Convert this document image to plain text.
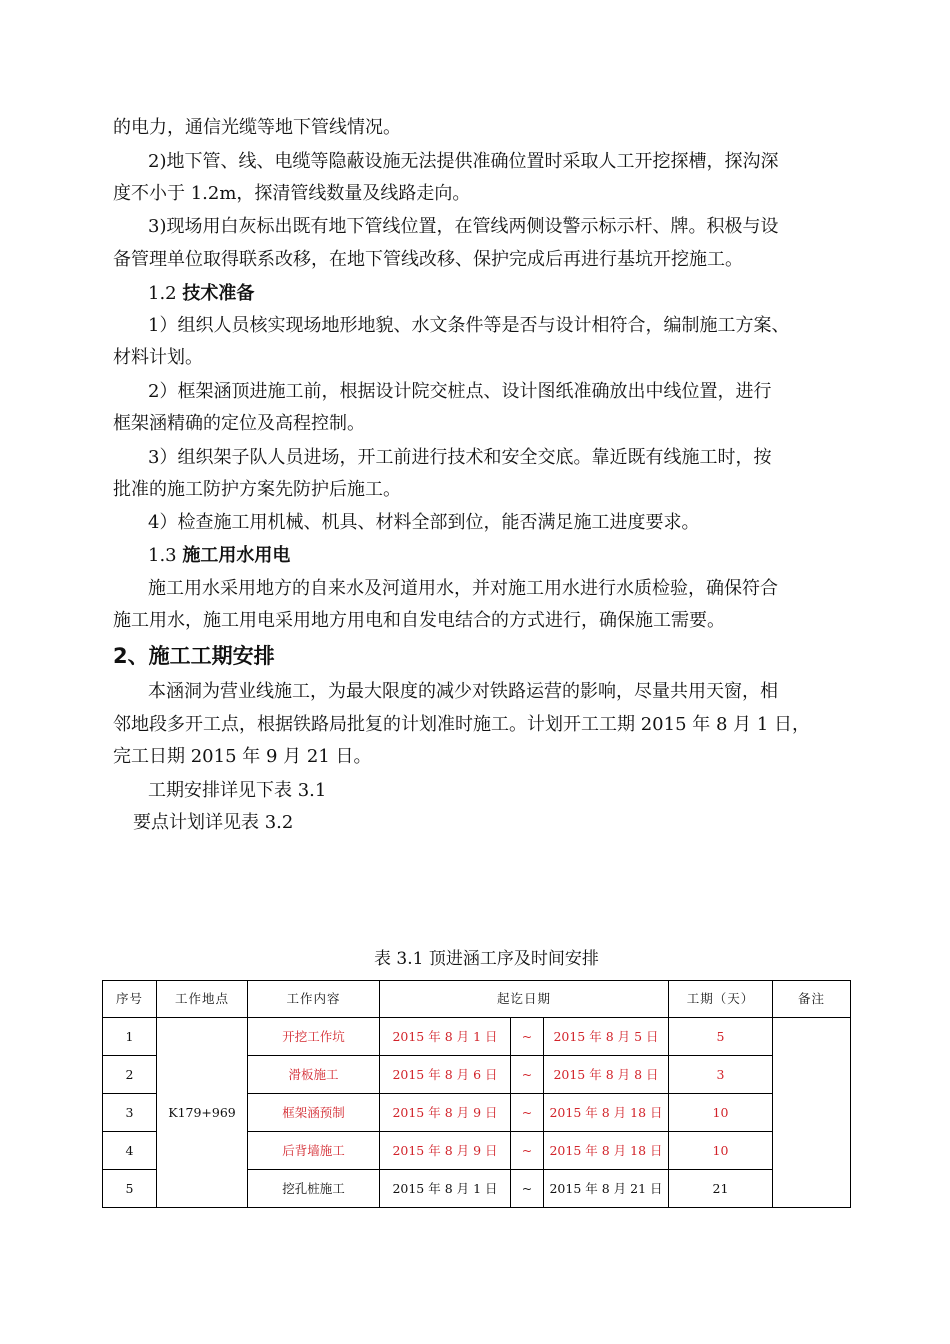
的电力，通信光缆等地下管线情况。
2)地下管、线、电缆等隐蔽设施无法提供准确位置时采取人工开挖探槽，探沟深
度不小于 1.2m，探清管线数量及线路走向。
3)现场用白灰标出既有地下管线位置，在管线两侧设警示标示杆、牌。积极与设
备管理单位取得联系改移，在地下管线改移、保护完成后再进行基坑开挖施工。
1.2 技术准备
1）组织人员核实现场地形地貌、水文条件等是否与设计相符合，编制施工方案、
材料计划。
2）框架涵顶进施工前，根据设计院交桩点、设计图纸准确放出中线位置，进行
框架涵精确的定位及高程控制。
3）组织架子队人员进场，开工前进行技术和安全交底。靠近既有线施工时，按
批准的施工防护方案先防护后施工。
4）检查施工用机械、机具、材料全部到位，能否满足施工进度要求。
1.3 施工用水用电
施工用水采用地方的自来水及河道用水，并对施工用水进行水质检验，确保符合
施工用水，施工用电采用地方用电和自发电结合的方式进行，确保施工需要。
2、施工工期安排
本涵洞为营业线施工，为最大限度的减少对铁路运营的影响，尽量共用天窗，相
邻地段多开工点，根据铁路局批复的计划准时施工。计划开工工期 2015 年 8 月 1 日，
完工日期 2015 年 9 月 21 日。
工期安排详见下表 3.1
要点计划详见表 3.2
表 3.1 顶进涵工序及时间安排
序号	工作地点	工作内容	起讫日期			工期（天）	备注
1	K179+969	开挖工作坑	2015 年 8 月 1 日	~	2015 年 8 月 5 日	5	
2		滑板施工	2015 年 8 月 6 日	~	2015 年 8 月 8 日	3	
3		框架涵预制	2015 年 8 月 9 日	~	2015 年 8 月 18 日	10	
4		后背墙施工	2015 年 8 月 9 日	~	2015 年 8 月 18 日	10	
5		挖孔桩施工	2015 年 8 月 1 日	~	2015 年 8 月 21 日	21	
